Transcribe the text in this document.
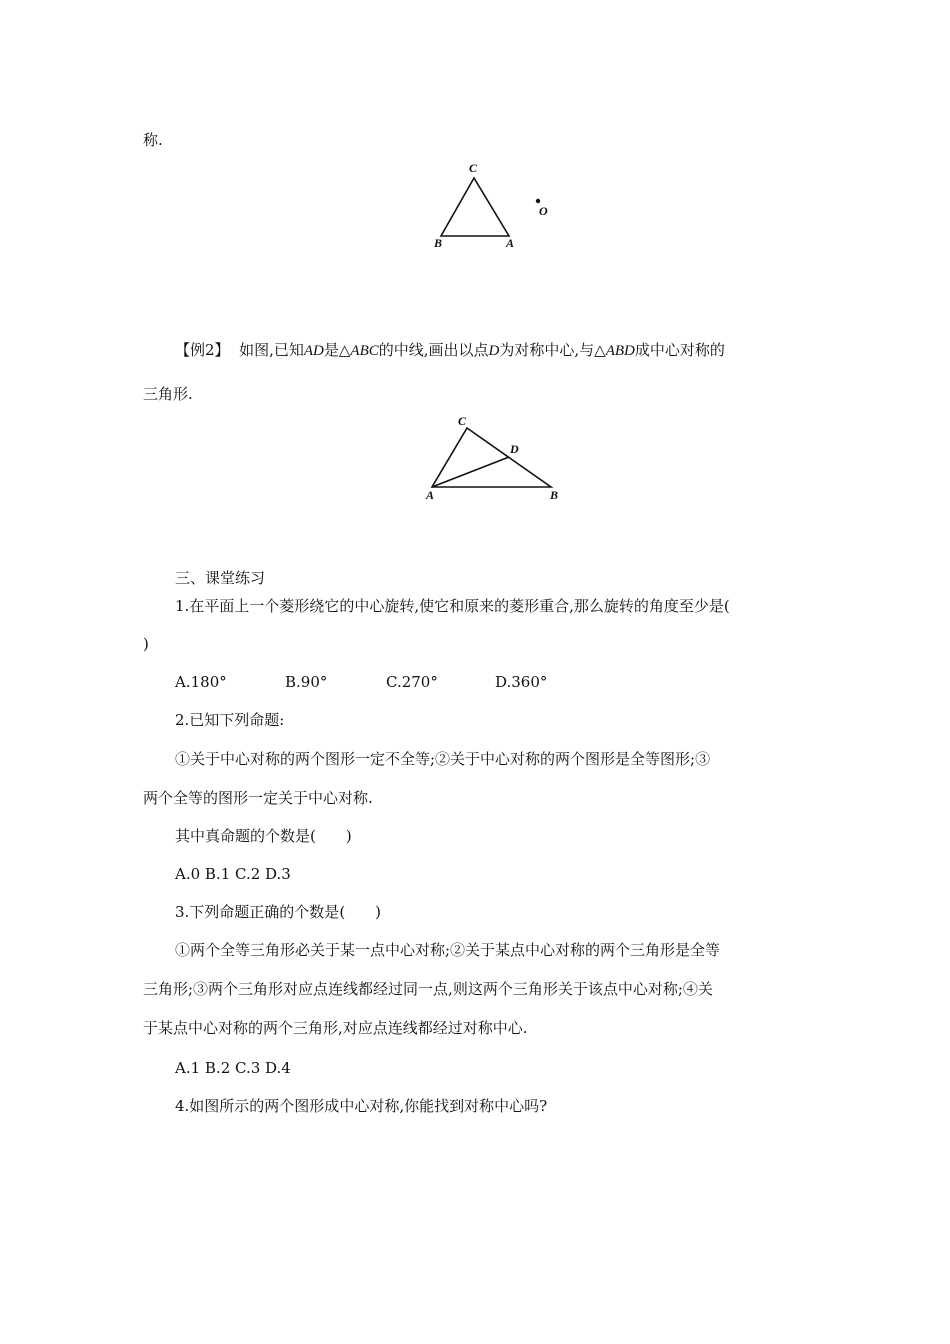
称.
C
B	A
O
C
D
A	B
【例2】 如图,已知AD是△ABC的中线,画出以点D为对称中心,与△ABD成中心对称的
三角形.
三、课堂练习
1.在平面上一个菱形绕它的中心旋转,使它和原来的菱形重合,那么旋转的角度至少是(
)
A.180°	B.90°	C.270°	D.360°
2.已知下列命题:
①关于中心对称的两个图形一定不全等;②关于中心对称的两个图形是全等图形;③
两个全等的图形一定关于中心对称.
其中真命题的个数是(　　)
A.0 B.1 C.2 D.3
3.下列命题正确的个数是(　　)
①两个全等三角形必关于某一点中心对称;②关于某点中心对称的两个三角形是全等
三角形;③两个三角形对应点连线都经过同一点,则这两个三角形关于该点中心对称;④关
于某点中心对称的两个三角形,对应点连线都经过对称中心.
A.1 B.2 C.3 D.4
4.如图所示的两个图形成中心对称,你能找到对称中心吗?
